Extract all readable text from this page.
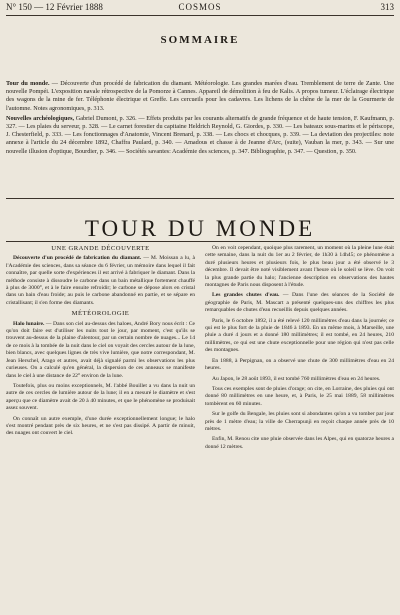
N° 150 — 12 Février 1888	COSMOS	313
SOMMAIRE

Tour du monde. — Découverte d'un procédé de fabrication du diamant. Météorologie. Les grandes marées d'eau. Tremblement de terre de Zante. Une nouvelle Pompéi. L'exposition navale rétrospective de la Pomorze à Cannes. Appareil de démolition à feu de Kalis. A propos tumeur. L'éclairage électrique des wagons de la mine de fer. Téléphonie électrique et Greffe. Les cercueils pour les cadavres. Les lichens de la chêne de la mer de la Gourmerie de l'automne. Notes agronomiques, p. 313.

Nouvelles archéologiques, Gabriel Dumont, p. 326. — Effets produits par les courants alternatifs de grande fréquence et de haute tension, F. Kaufmann, p. 327. — Les plaies du serveur, p. 328. — Le carnet forestier du capitaine Heldrich Reynold, G. Giordes, p. 330. — Les bateaux sous-marins et le périscope, J. Chesterfield, p. 333. — Les fonctionnages d'Anatomie, Vincent Brenard, p. 338. — Les chocs et chocques, p. 339. — La deviation des projectiles: note annexe à l'article du 24 décembre 1892, Chaffra Paulard, p. 340. — Amadous et chasse à de Jeanne d'Arc, (suite), Vauban la mer, p. 343. — Sur une nouvelle illusion d'optique, Bourdier, p. 346. — Sociétés savantes: Académie des sciences, p. 347. Bibliographie, p. 347. — Question, p. 350.

TOUR DU MONDE
UNE GRANDE DÉCOUVERTE

Découverte d'un procédé de fabrication du diamant. — M. Moissan a lu, à l'Académie des sciences, dans sa séance du 6 février, un mémoire dans lequel il fait connaître, par quelle sorte d'expériences il est arrivé à fabriquer le diamant. Dans la méthode consiste à dissoudre le carbone dans un bain métallique fortement chauffé à plus de 3000°, et à le faire ensuite refroidir; le carbone se dépose alors en cristal dans un bain d'eau froide; au puis le carbone abandonné en partie, et se sépare en cristallisant; il s'en forme des diamants.

MÉTÉOROLOGIE

Halo lunaire. — Dans son ciel au-dessus des haloes, André Bory nous écrit : Ce qu'on doit faire est d'utiliser les nuits tout le jour, par moment, c'est qu'ils se trouvent au-dessus de la plaine d'alentour, par un certain nombre de nuages... Le 14 de ce mois à la tombée de la nuit dans le ciel on voyait des cercles autour de la lune, bien blancs, avec quelques lignes de très vive lumière, que notre correspondant, M. Jean Herschel, Arago et autres, avait déjà signalé parmi les observations les plus curieuses. On a calculé qu'en général, la dispersion de ces anneaux se manifeste dans le ciel à une distance de 22° environ de la lune.

Toutefois, plus ou moins exceptionnels, M. l'abbé Bouillet a vu dans la nuit un autre de ces cercles de lumière autour de la lune; il en a mesuré le diamètre et s'est aperçu que ce diamètre avait de 20 à 40 minutes, et que le phénomène se produisait assez souvent.

On connaît un autre exemple, d'une durée exceptionnellement longue; le halo s'est montré pendant près de six heures, et ne s'est pas dissipé. A partir de minuit, des nuages ont couvert le ciel.

On en voit cependant, quoique plus rarement, un moment où la pleine lune était cette semaine, dans la nuit du 1er au 2 février, de 1h30 à 14h45; ce phénomène a duré plusieurs heures et plusieurs fois, le plus beau jour a été observé le 3 décembre. Il devait être noté visiblement avant l'heure où le soleil se lève. On voit la plus grande partie du halo; l'ancienne description en observations des hautes montagnes de Paris nous disposent à l'étude.

Les grandes chutes d'eau. — Dans l'une des séances de la Société de géographie de Paris, M. Mascart a présenté quelques-uns des chiffres les plus remarquables de chutes d'eau recueillis depuis quelques années.

Paris, le 6 octobre 1892, il a été relevé 120 millimètres d'eau dans la journée; ce qui est le plus fort de la pluie de 1846 à 1893. En un même mois, à Marseille, une pluie a duré 4 jours et a donné 180 millimètres; il est tombé, en 24 heures, 210 millimètres, ce qui est une chute exceptionnelle pour une région qui n'est pas celle des montagnes.

En 1888, à Perpignan, on a observé une chute de 300 millimètres d'eau en 24 heures.

Au Japon, le 28 août 1893, il est tombé 760 millimètres d'eau en 24 heures.

Tous ces exemples sont de pluies d'orage; on cite, en Lorraine, des pluies qui ont donné 80 millimètres en une heure, et, à Paris, le 25 mai 1889, 58 millimètres tombèrent en 60 minutes.

Sur le golfe du Bengale, les pluies sont si abondantes qu'on a vu tomber par jour près de 1 mètre d'eau; la ville de Cherrapunji en reçoit chaque année près de 10 mètres.

Enfin, M. Renou cite une pluie observée dans les Alpes, qui en quatorze heures a donné 12 mètres.
